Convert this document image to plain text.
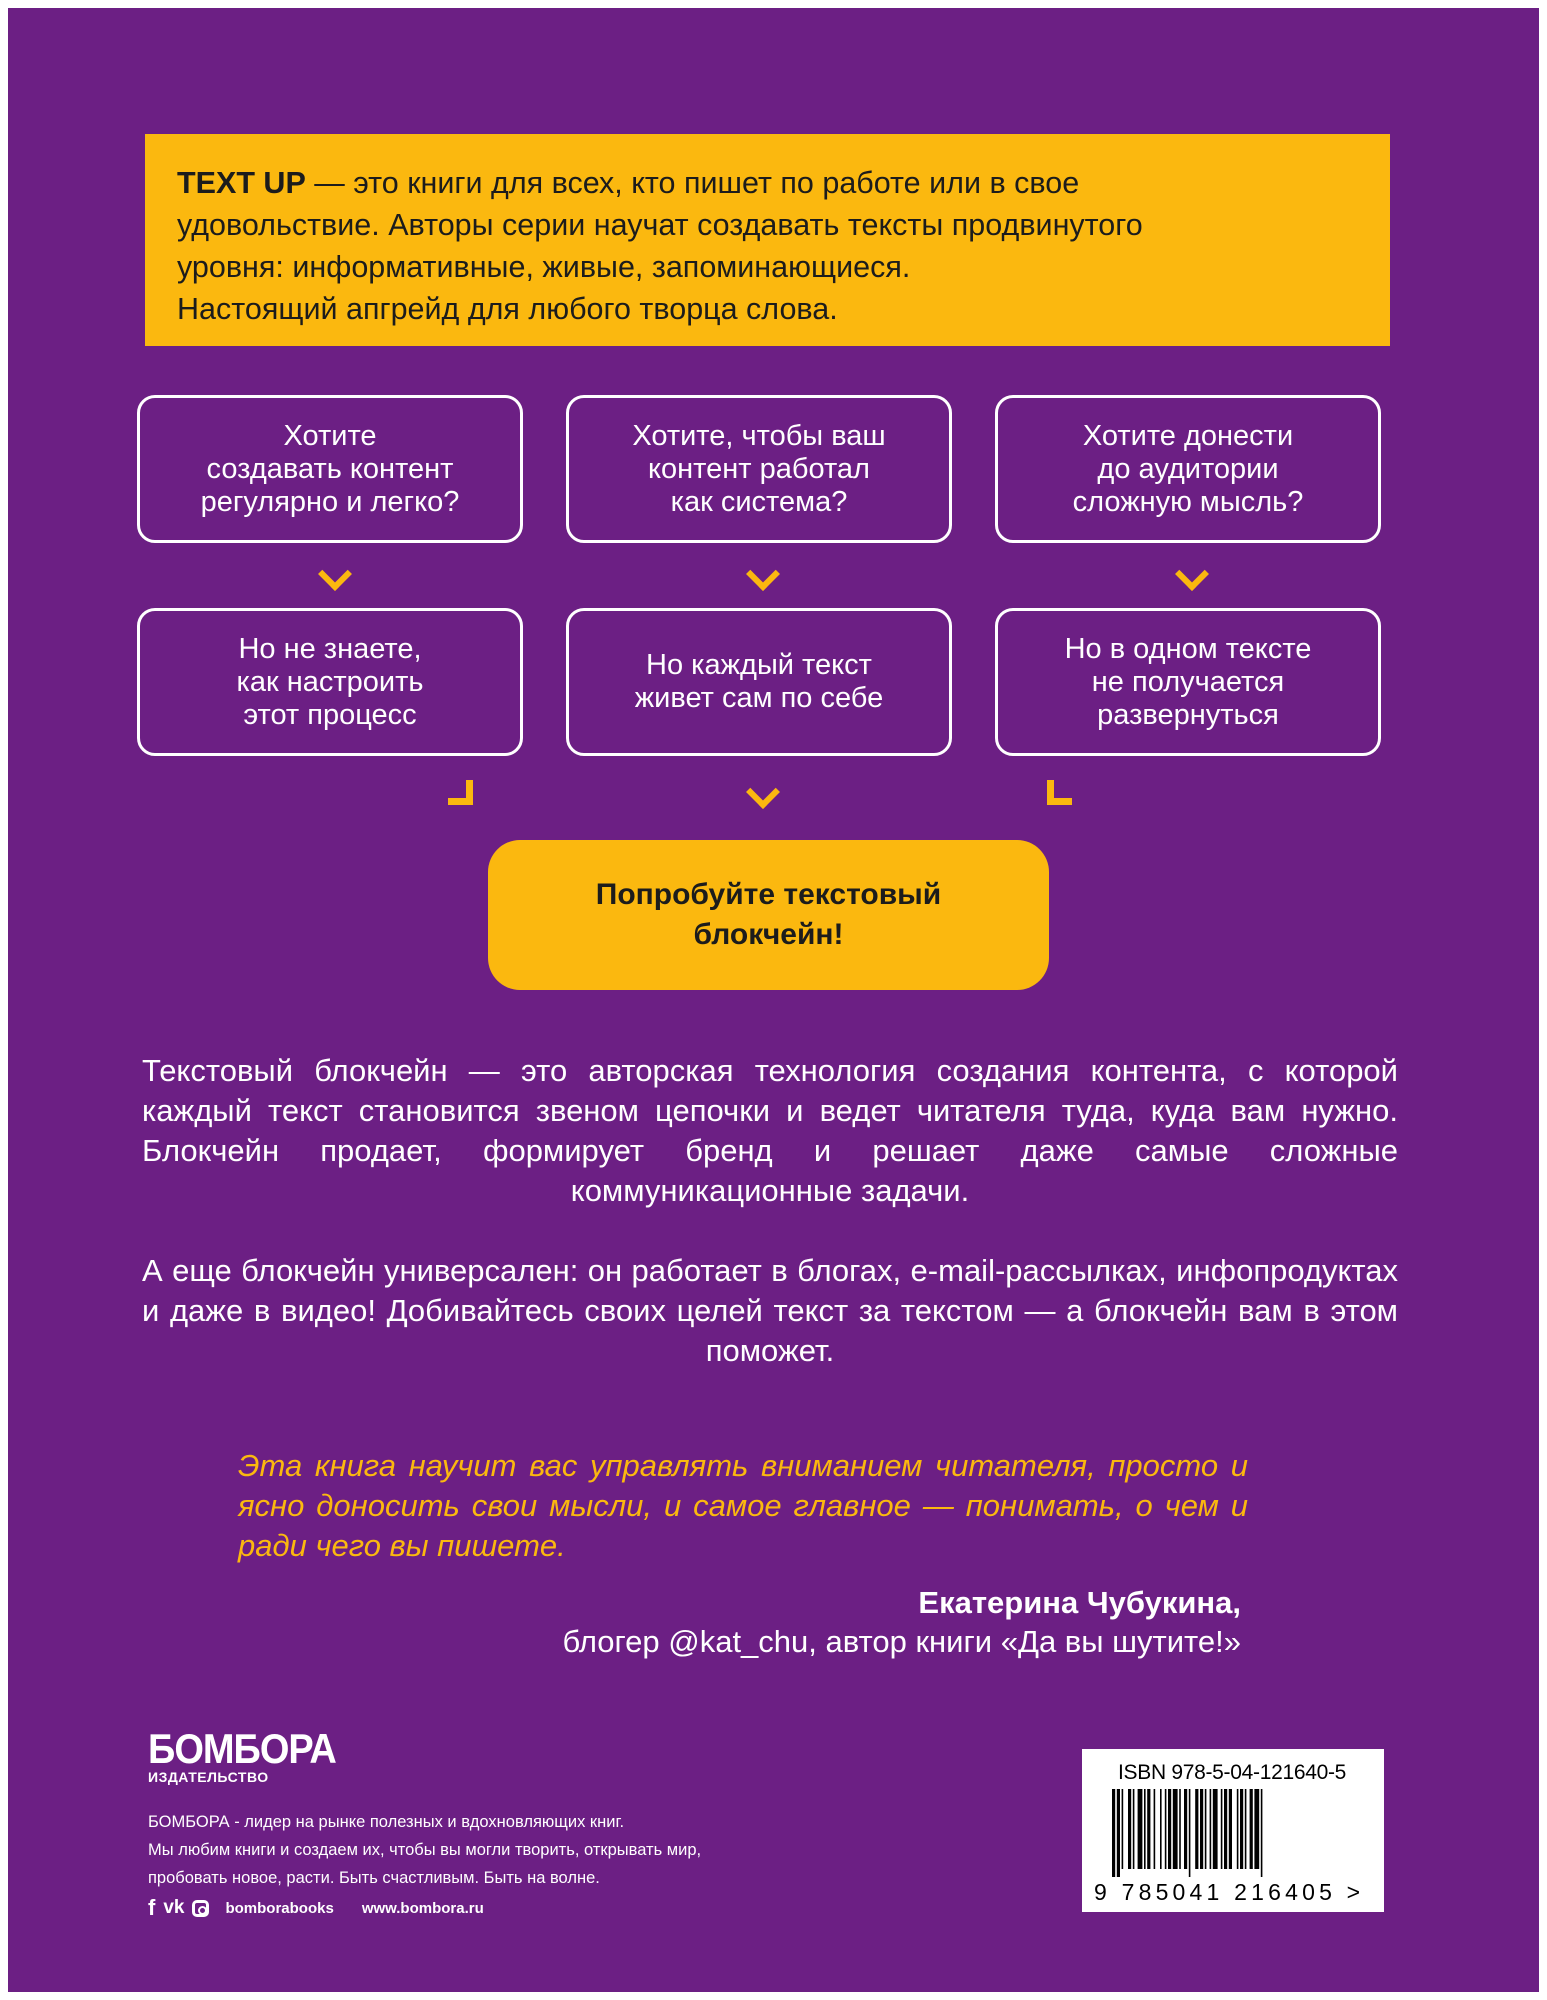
TEXT UP — это книги для всех, кто пишет по работе или в свое
удовольствие. Авторы серии научат создавать тексты продвинутого
уровня: информативные, живые, запоминающиеся.
Настоящий апгрейд для любого творца слова.
Хотите
создавать контент
регулярно и легко?
Хотите, чтобы ваш
контент работал
как система?
Хотите донести
до аудитории
сложную мысль?
Но не знаете,
как настроить
этот процесс
Но каждый текст
живет сам по себе
Но в одном тексте
не получается
развернуться
Попробуйте текстовый
блокчейн!

Текстовый блокчейн — это авторская технология создания контента, с которой каждый текст становится звеном цепочки и ведет читателя туда, куда вам нужно. Блокчейн продает, формирует бренд и решает даже самые сложные коммуникационные задачи.

А еще блокчейн универсален: он работает в блогах, e-mail-рассылках, инфопродуктах и даже в видео! Добивайтесь своих целей текст за текстом — а блокчейн вам в этом поможет.

Эта книга научит вас управлять вниманием читателя, просто и ясно доносить свои мысли, и самое главное — понимать, о чем и ради чего вы пишете.

Екатерина Чубукина,
блогер @kat_chu, автор книги «Да вы шутите!»
БОМБОРА
ИЗДАТЕЛЬСТВО
БОМБОРА - лидер на рынке полезных и вдохновляющих книг.
Мы любим книги и создаем их, чтобы вы могли творить, открывать мир,
пробовать новое, расти. Быть счастливым. Быть на волне.
f vk	bomborabooks www.bombora.ru
ISBN 978-5-04-121640-5
9 785041 216405 >
